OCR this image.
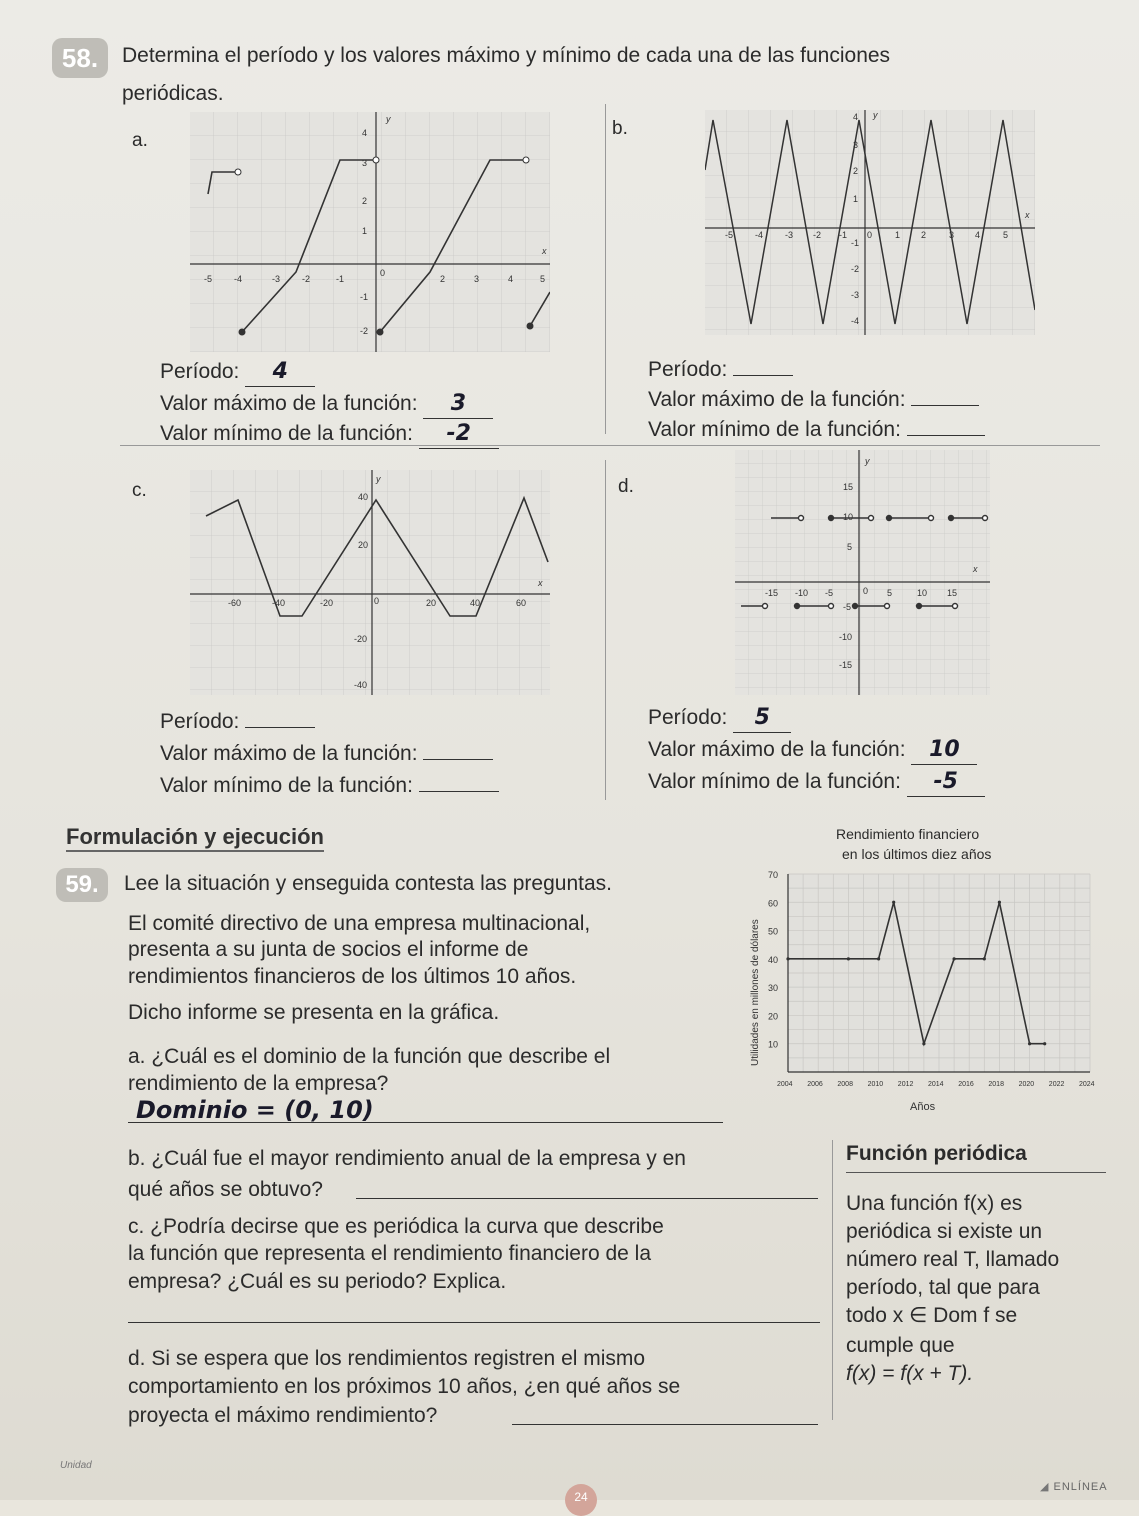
58.	Determina el período y los valores máximo y mínimo de cada una de las funciones
periódicas.
a.
b.
c.	d.
-5 -4	-3 -2	-1
0
2	3	4	5
4
3
2
1
-1
-2
x
y
-5 -4 -3 -2 -1 0	1 2	3 4	5
4
3
2
1
-1
-2
-3
-4
y
x
Período: 4
Valor máximo de la función: 3
Valor mínimo de la función: -2
Período:
Valor máximo de la función:
Valor mínimo de la función:
-60	-40	-20	0	20	40	60
40
20
-20
-40
y
x
-15 -10 -5	0 5	10 15
15
10
5
-5
-10
-15
y
x
Período:
Valor máximo de la función:
Valor mínimo de la función:
Período: 5
Valor máximo de la función: 10
Valor mínimo de la función: -5
Formulación y ejecución
59.	Lee la situación y enseguida contesta las preguntas.
El comité directivo de una empresa multinacional,
presenta a su junta de socios el informe de
rendimientos financieros de los últimos 10 años.
Dicho informe se presenta en la gráfica.
a. ¿Cuál es el dominio de la función que describe el
rendimiento de la empresa?
Dominio = (0, 10)
b. ¿Cuál fue el mayor rendimiento anual de la empresa y en
qué años se obtuvo?
c. ¿Podría decirse que es periódica la curva que describe
la función que representa el rendimiento financiero de la
empresa? ¿Cuál es su periodo? Explica.
d. Si se espera que los rendimientos registren el mismo
comportamiento en los próximos 10 años, ¿en qué años se
proyecta el máximo rendimiento?
Función periódica
Una función f(x) es
periódica si existe un
número real T, llamado
período, tal que para
todo x ∈ Dom f se
cumple que
f(x) = f(x + T).
Rendimiento financiero
en los últimos diez años
10
20
30
40
50
60
70
2004 2006 2008 2010 2012 2014 2016 2018 2020 2022 2024
Utilidades en millones de dólares
Años
Unidad
24
◢ ENLÍNEA
